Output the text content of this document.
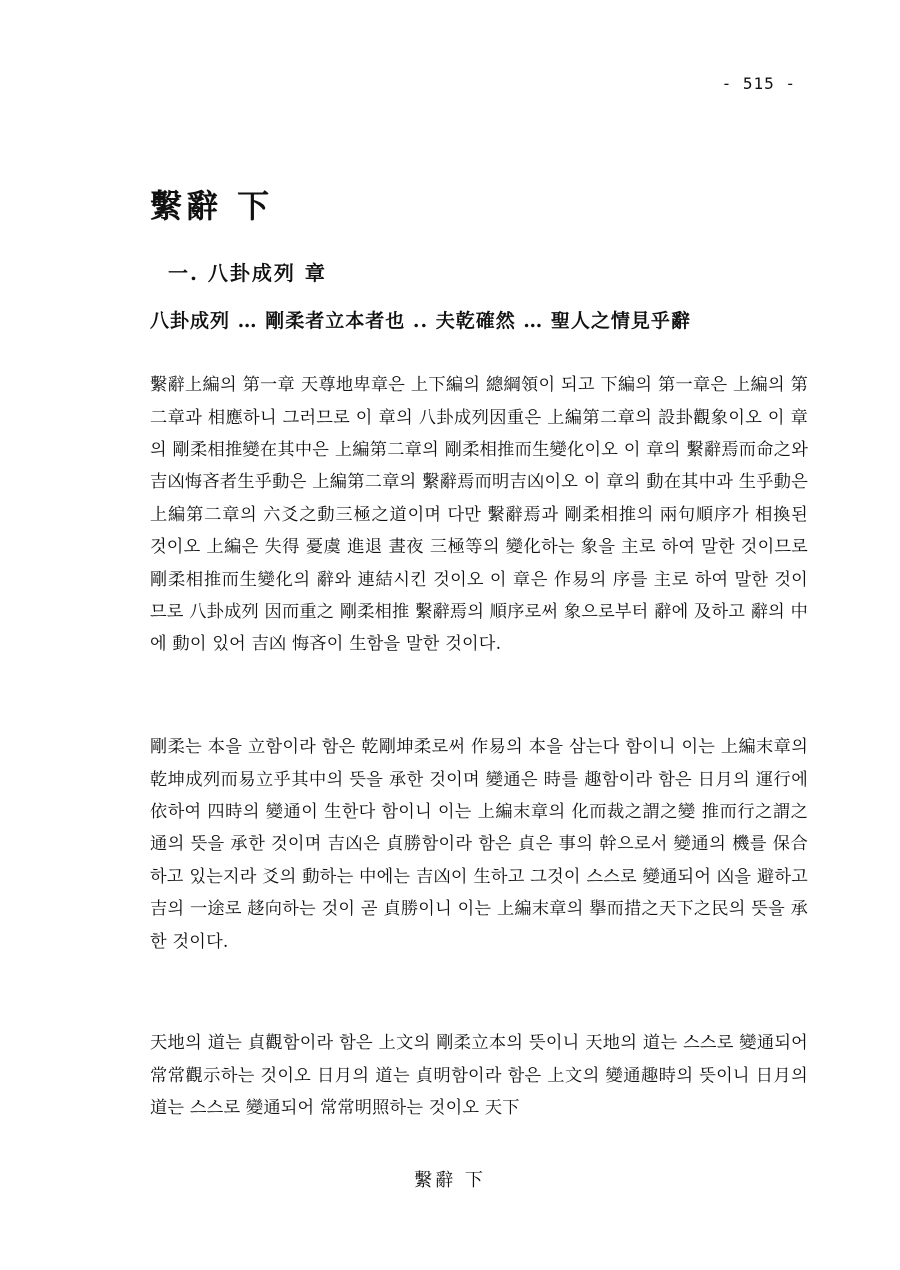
- 515 -
繫辭 下
一. 八卦成列 章
八卦成列 … 剛柔者立本者也 .. 夫乾確然 … 聖人之情見乎辭

繫辭上編의 第一章 天尊地卑章은 上下編의 總綱領이 되고 下編의 第一章은 上編의 第二章과 相應하니 그러므로 이 章의 八卦成列因重은 上編第二章의 設卦觀象이오 이 章의 剛柔相推變在其中은 上編第二章의 剛柔相推而生變化이오 이 章의 繫辭焉而命之와 吉凶悔吝者生乎動은 上編第二章의 繫辭焉而明吉凶이오 이 章의 動在其中과 生乎動은 上編第二章의 六爻之動三極之道이며 다만 繫辭焉과 剛柔相推의 兩句順序가 相換된 것이오 上編은 失得 憂虞 進退 晝夜 三極等의 變化하는 象을 主로 하여 말한 것이므로 剛柔相推而生變化의 辭와 連結시킨 것이오 이 章은 作易의 序를 主로 하여 말한 것이므로 八卦成列 因而重之 剛柔相推 繫辭焉의 順序로써 象으로부터 辭에 及하고 辭의 中에 動이 있어 吉凶 悔吝이 生함을 말한 것이다.

剛柔는 本을 立함이라 함은 乾剛坤柔로써 作易의 本을 삼는다 함이니 이는 上編末章의 乾坤成列而易立乎其中의 뜻을 承한 것이며 變通은 時를 趣함이라 함은 日月의 運行에 依하여 四時의 變通이 生한다 함이니 이는 上編末章의 化而裁之謂之變 推而行之謂之通의 뜻을 承한 것이며 吉凶은 貞勝함이라 함은 貞은 事의 幹으로서 變通의 機를 保合하고 있는지라 爻의 動하는 中에는 吉凶이 生하고 그것이 스스로 變通되어 凶을 避하고 吉의 一途로 趍向하는 것이 곧 貞勝이니 이는 上編末章의 擧而措之天下之民의 뜻을 承한 것이다.

天地의 道는 貞觀함이라 함은 上文의 剛柔立本의 뜻이니 天地의 道는 스스로 變通되어 常常觀示하는 것이오 日月의 道는 貞明함이라 함은 上文의 變通趣時의 뜻이니 日月의 道는 스스로 變通되어 常常明照하는 것이오 天下

繫辭 下
